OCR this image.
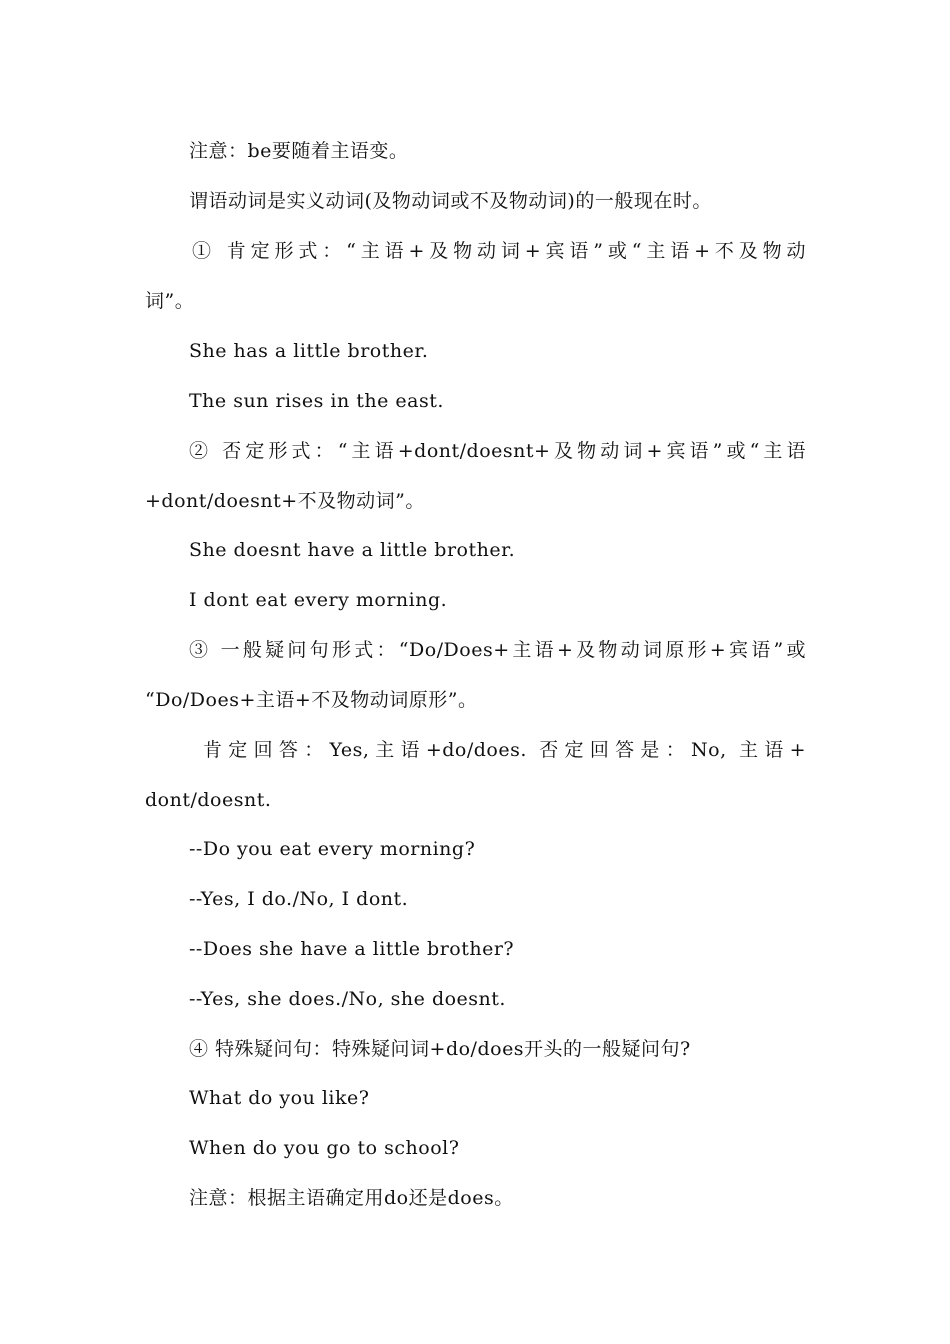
注意：be要随着主语变。
谓语动词是实义动词(及物动词或不及物动词)的一般现在时。
① 肯定形式：“主语+及物动词+宾语”或“主语+不及物动
词”。
She has a little brother.
The sun rises in the east.
② 否定形式：“主语+dont/doesnt+及物动词+宾语”或“主语
+dont/doesnt+不及物动词”。
She doesnt have a little brother.
I dont eat every morning.
③ 一般疑问句形式：“Do/Does+主语+及物动词原形+宾语”或
“Do/Does+主语+不及物动词原形”。
肯定回答：Yes,主语+do/does. 否定回答是：No, 主语+
dont/doesnt.
--Do you eat every morning?
--Yes, I do./No, I dont.
--Does she have a little brother?
--Yes, she does./No, she doesnt.
④ 特殊疑问句：特殊疑问词+do/does开头的一般疑问句?
What do you like?
When do you go to school?
注意：根据主语确定用do还是does。
